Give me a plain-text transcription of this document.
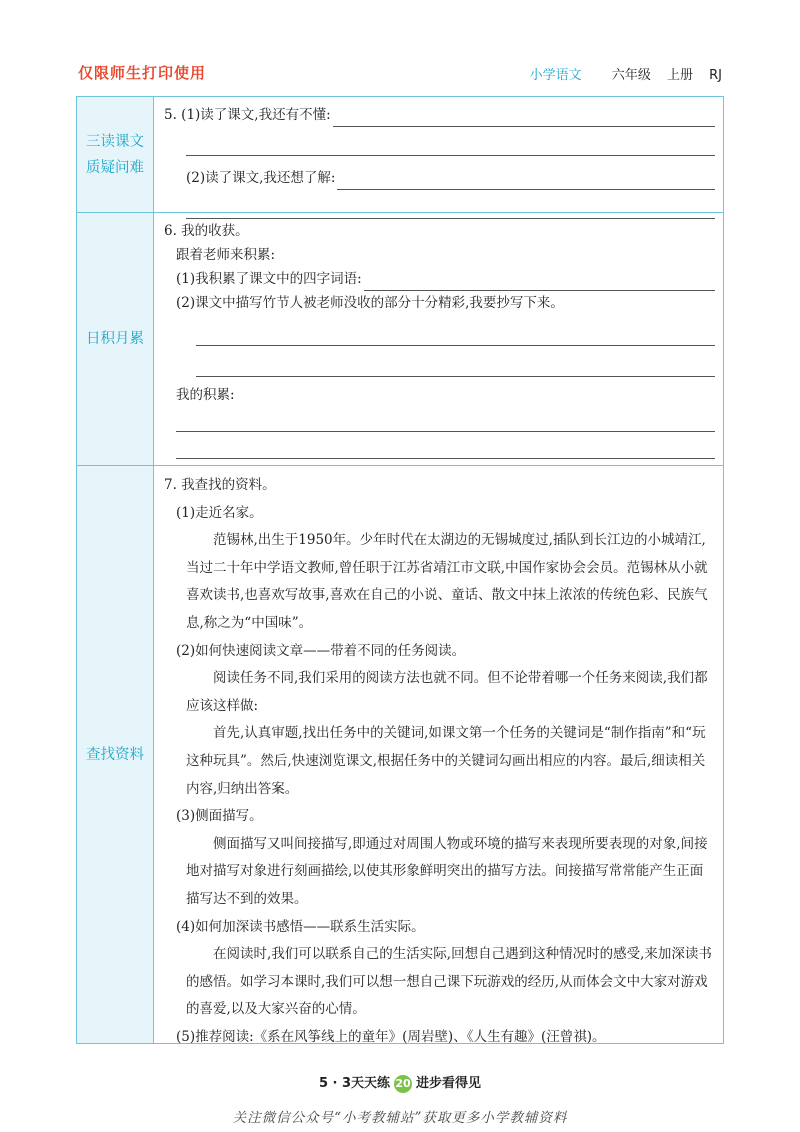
仅限师生打印使用	小学语文 六年级 上册 RJ
三读课文
质疑问难
5. (1)读了课文,我还有不懂:
(2)读了课文,我还想了解:
日积月累

6. 我的收获。

跟着老师来积累:

(1)我积累了课文中的四字词语:

(2)课文中描写竹节人被老师没收的部分十分精彩,我要抄写下来。

我的积累:

查找资料

7. 我查找的资料。

(1)走近名家。

范锡林,出生于1950年。少年时代在太湖边的无锡城度过,插队到长江边的小城靖江,当过二十年中学语文教师,曾任职于江苏省靖江市文联,中国作家协会会员。范锡林从小就喜欢读书,也喜欢写故事,喜欢在自己的小说、童话、散文中抹上浓浓的传统色彩、民族气息,称之为“中国味”。

(2)如何快速阅读文章——带着不同的任务阅读。

阅读任务不同,我们采用的阅读方法也就不同。但不论带着哪一个任务来阅读,我们都应该这样做:

首先,认真审题,找出任务中的关键词,如课文第一个任务的关键词是“制作指南”和“玩这种玩具”。然后,快速浏览课文,根据任务中的关键词勾画出相应的内容。最后,细读相关内容,归纳出答案。

(3)侧面描写。

侧面描写又叫间接描写,即通过对周围人物或环境的描写来表现所要表现的对象,间接地对描写对象进行刻画描绘,以使其形象鲜明突出的描写方法。间接描写常常能产生正面描写达不到的效果。

(4)如何加深读书感悟——联系生活实际。

在阅读时,我们可以联系自己的生活实际,回想自己遇到这种情况时的感受,来加深读书的感悟。如学习本课时,我们可以想一想自己课下玩游戏的经历,从而体会文中大家对游戏的喜爱,以及大家兴奋的心情。

(5)推荐阅读:《系在风筝线上的童年》(周岩壁)、《人生有趣》(汪曾祺)。

5 · 3天天练 20 进步看得见
关注微信公众号“小考教辅站”获取更多小学教辅资料
